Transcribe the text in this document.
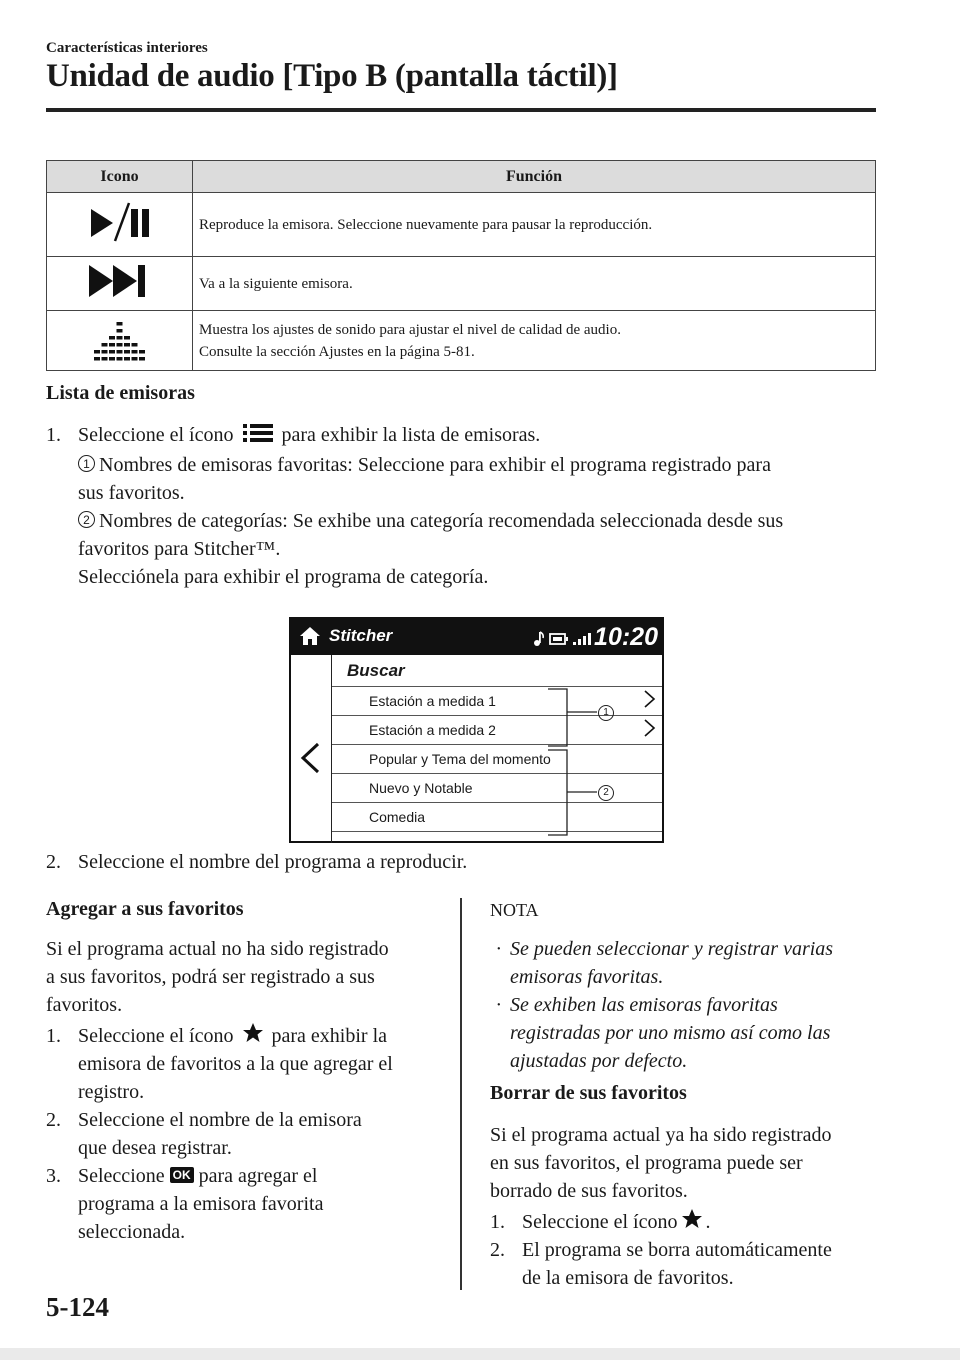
Características interiores
Unidad de audio [Tipo B (pantalla táctil)]
Icono	Función

Reproduce la emisora. Seleccione nuevamente para pausar la reproducción.

Va a la siguiente emisora.

Muestra los ajustes de sonido para ajustar el nivel de calidad de audio.
Consulte la sección Ajustes en la página 5-81.
Lista de emisoras
1. Seleccione el ícono para exhibir la lista de emisoras.
1 Nombres de emisoras favoritas: Seleccione para exhibir el programa registrado para
sus favoritos.
2 Nombres de categorías: Se exhibe una categoría recomendada seleccionada desde sus
favoritos para Stitcher™.
Selecciónela para exhibir el programa de categoría.
Stitcher	10:20
Buscar
Estación a medida 1
Estación a medida 2
Popular y Tema del momento
Nuevo y Notable
Comedia
1
2
2. Seleccione el nombre del programa a reproducir.
Agregar a sus favoritos
Si el programa actual no ha sido registrado
a sus favoritos, podrá ser registrado a sus
favoritos.
1. Seleccione el ícono para exhibir la
emisora de favoritos a la que agregar el
registro.
2. Seleccione el nombre de la emisora
que desea registrar.
3. Seleccione OK para agregar el
programa a la emisora favorita
seleccionada.
NOTA
· Se pueden seleccionar y registrar varias
emisoras favoritas.
· Se exhiben las emisoras favoritas
registradas por uno mismo así como las
ajustadas por defecto.
Borrar de sus favoritos
Si el programa actual ya ha sido registrado
en sus favoritos, el programa puede ser
borrado de sus favoritos.
1. Seleccione el ícono .
2. El programa se borra automáticamente
de la emisora de favoritos.
5-124
